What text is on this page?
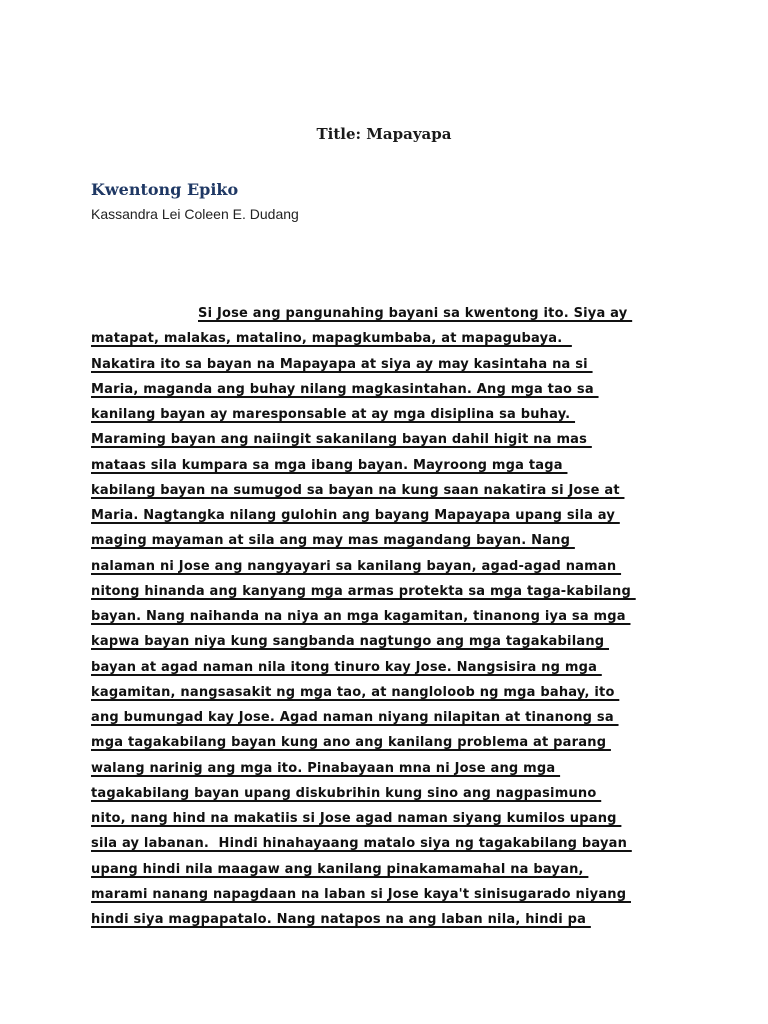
Title: Mapayapa
Kwentong Epiko

Kassandra Lei Coleen E. Dudang

Si Jose ang pangunahing bayani sa kwentong ito. Siya ay
matapat, malakas, matalino, mapagkumbaba, at mapagubaya.
Nakatira ito sa bayan na Mapayapa at siya ay may kasintaha na si
Maria, maganda ang buhay nilang magkasintahan. Ang mga tao sa
kanilang bayan ay maresponsable at ay mga disiplina sa buhay.
Maraming bayan ang naiingit sakanilang bayan dahil higit na mas
mataas sila kumpara sa mga ibang bayan. Mayroong mga taga
kabilang bayan na sumugod sa bayan na kung saan nakatira si Jose at
Maria. Nagtangka nilang gulohin ang bayang Mapayapa upang sila ay
maging mayaman at sila ang may mas magandang bayan. Nang
nalaman ni Jose ang nangyayari sa kanilang bayan, agad-agad naman
nitong hinanda ang kanyang mga armas protekta sa mga taga-kabilang
bayan. Nang naihanda na niya an mga kagamitan, tinanong iya sa mga
kapwa bayan niya kung sangbanda nagtungo ang mga tagakabilang
bayan at agad naman nila itong tinuro kay Jose. Nangsisira ng mga
kagamitan, nangsasakit ng mga tao, at nangloloob ng mga bahay, ito
ang bumungad kay Jose. Agad naman niyang nilapitan at tinanong sa
mga tagakabilang bayan kung ano ang kanilang problema at parang
walang narinig ang mga ito. Pinabayaan mna ni Jose ang mga
tagakabilang bayan upang diskubrihin kung sino ang nagpasimuno
nito, nang hind na makatiis si Jose agad naman siyang kumilos upang
sila ay labanan.  Hindi hinahayaang matalo siya ng tagakabilang bayan
upang hindi nila maagaw ang kanilang pinakamamahal na bayan,
marami nanang napagdaan na laban si Jose kaya't sinisugarado niyang
hindi siya magpapatalo. Nang natapos na ang laban nila, hindi pa
